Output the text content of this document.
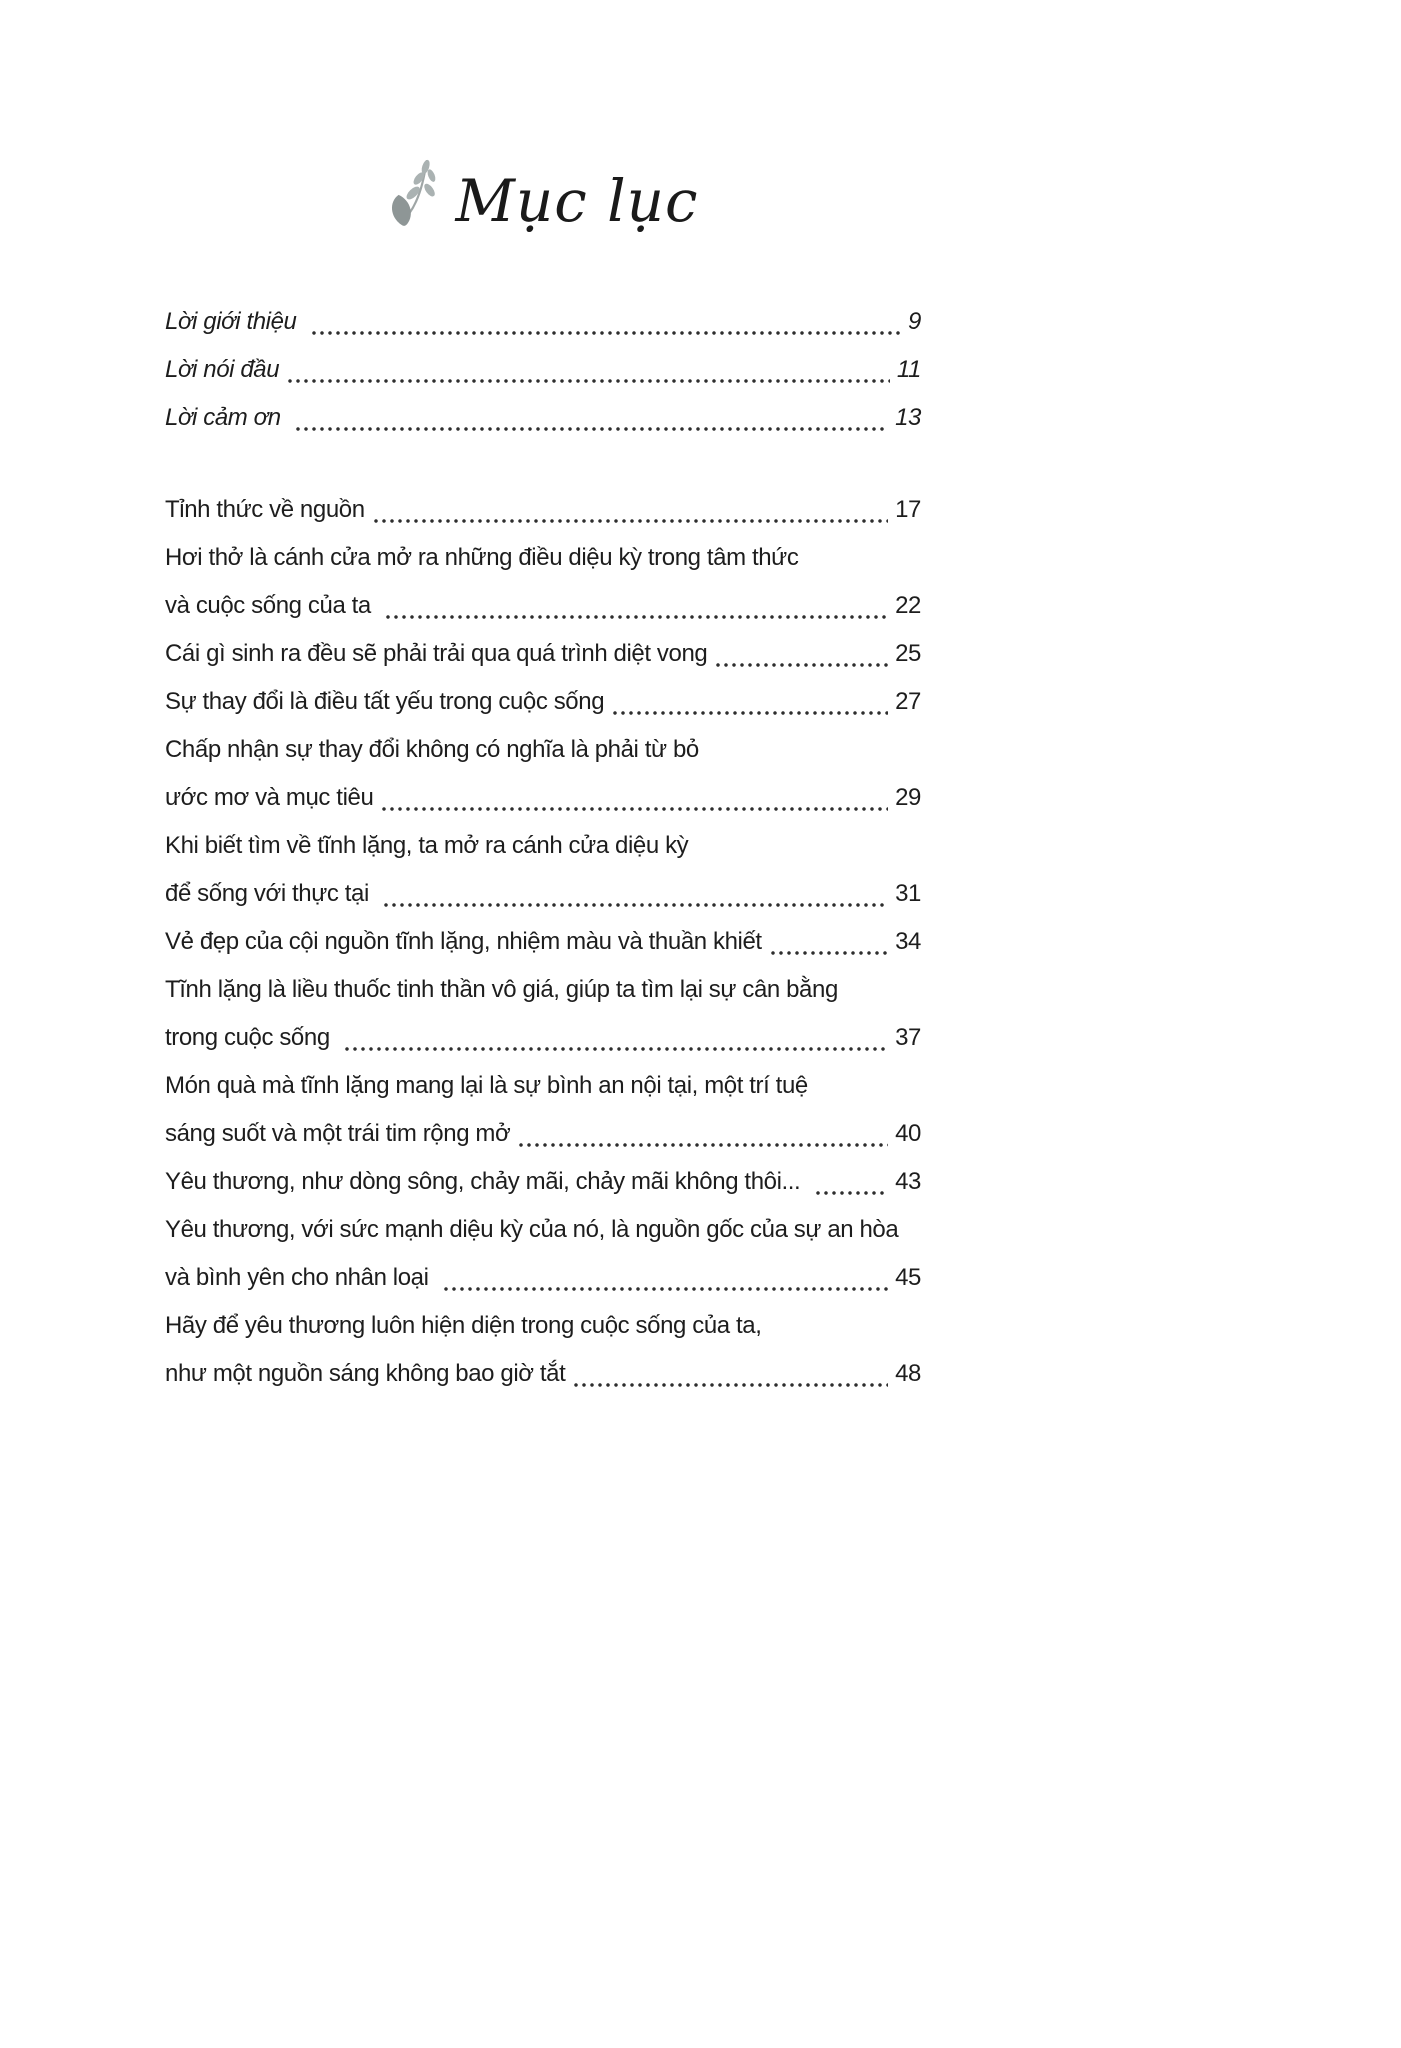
Mục lục
Lời giới thiệu	9
Lời nói đầu	11
Lời cảm ơn	13
Tỉnh thức về nguồn	17
Hơi thở là cánh cửa mở ra những điều diệu kỳ trong tâm thức
và cuộc sống của ta	22
Cái gì sinh ra đều sẽ phải trải qua quá trình diệt vong	25
Sự thay đổi là điều tất yếu trong cuộc sống	27
Chấp nhận sự thay đổi không có nghĩa là phải từ bỏ
ước mơ và mục tiêu	29
Khi biết tìm về tĩnh lặng, ta mở ra cánh cửa diệu kỳ
để sống với thực tại	31
Vẻ đẹp của cội nguồn tĩnh lặng, nhiệm màu và thuần khiết	34
Tĩnh lặng là liều thuốc tinh thần vô giá, giúp ta tìm lại sự cân bằng
trong cuộc sống	37
Món quà mà tĩnh lặng mang lại là sự bình an nội tại, một trí tuệ
sáng suốt và một trái tim rộng mở	40
Yêu thương, như dòng sông, chảy mãi, chảy mãi không thôi...	43
Yêu thương, với sức mạnh diệu kỳ của nó, là nguồn gốc của sự an hòa
và bình yên cho nhân loại	45
Hãy để yêu thương luôn hiện diện trong cuộc sống của ta,
như một nguồn sáng không bao giờ tắt	48
